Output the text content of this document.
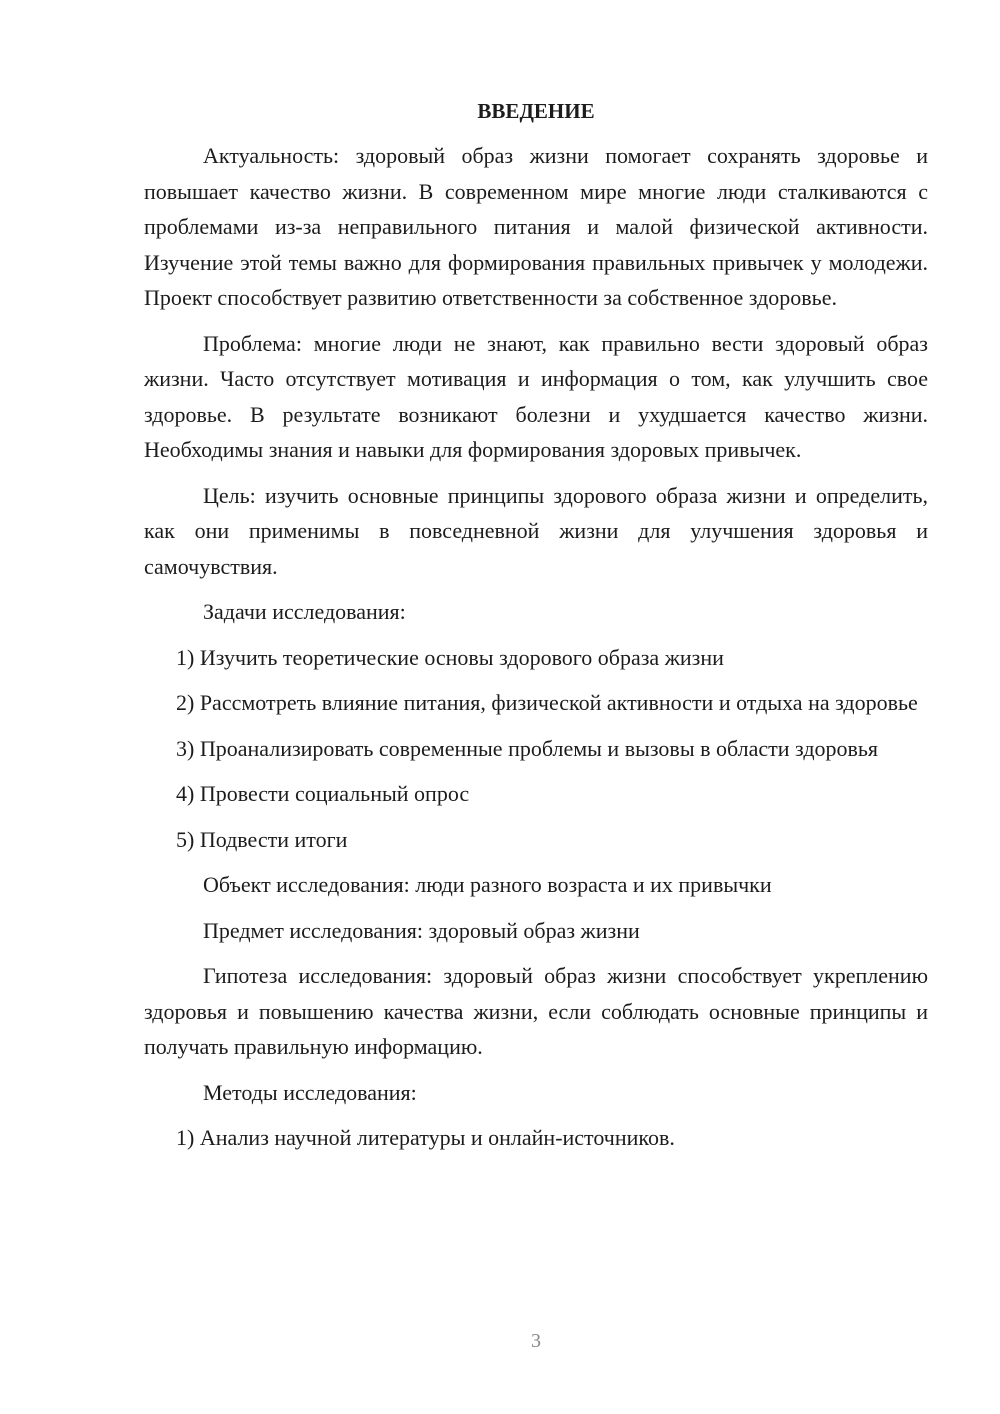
ВВЕДЕНИЕ

Актуальность: здоровый образ жизни помогает сохранять здоровье и повышает качество жизни. В современном мире многие люди сталкиваются с проблемами из-за неправильного питания и малой физической активности. Изучение этой темы важно для формирования правильных привычек у молодежи. Проект способствует развитию ответственности за собственное здоровье.

Проблема: многие люди не знают, как правильно вести здоровый образ жизни. Часто отсутствует мотивация и информация о том, как улучшить свое здоровье. В результате возникают болезни и ухудшается качество жизни. Необходимы знания и навыки для формирования здоровых привычек.

Цель: изучить основные принципы здорового образа жизни и определить, как они применимы в повседневной жизни для улучшения здоровья и самочувствия.

Задачи исследования:

1) Изучить теоретические основы здорового образа жизни

2) Рассмотреть влияние питания, физической активности и отдыха на здоровье

3) Проанализировать современные проблемы и вызовы в области здоровья

4) Провести социальный опрос

5) Подвести итоги

Объект исследования: люди разного возраста и их привычки

Предмет исследования: здоровый образ жизни

Гипотеза исследования: здоровый образ жизни способствует укреплению здоровья и повышению качества жизни, если соблюдать основные принципы и получать правильную информацию.

Методы исследования:

1) Анализ научной литературы и онлайн-источников.

3
